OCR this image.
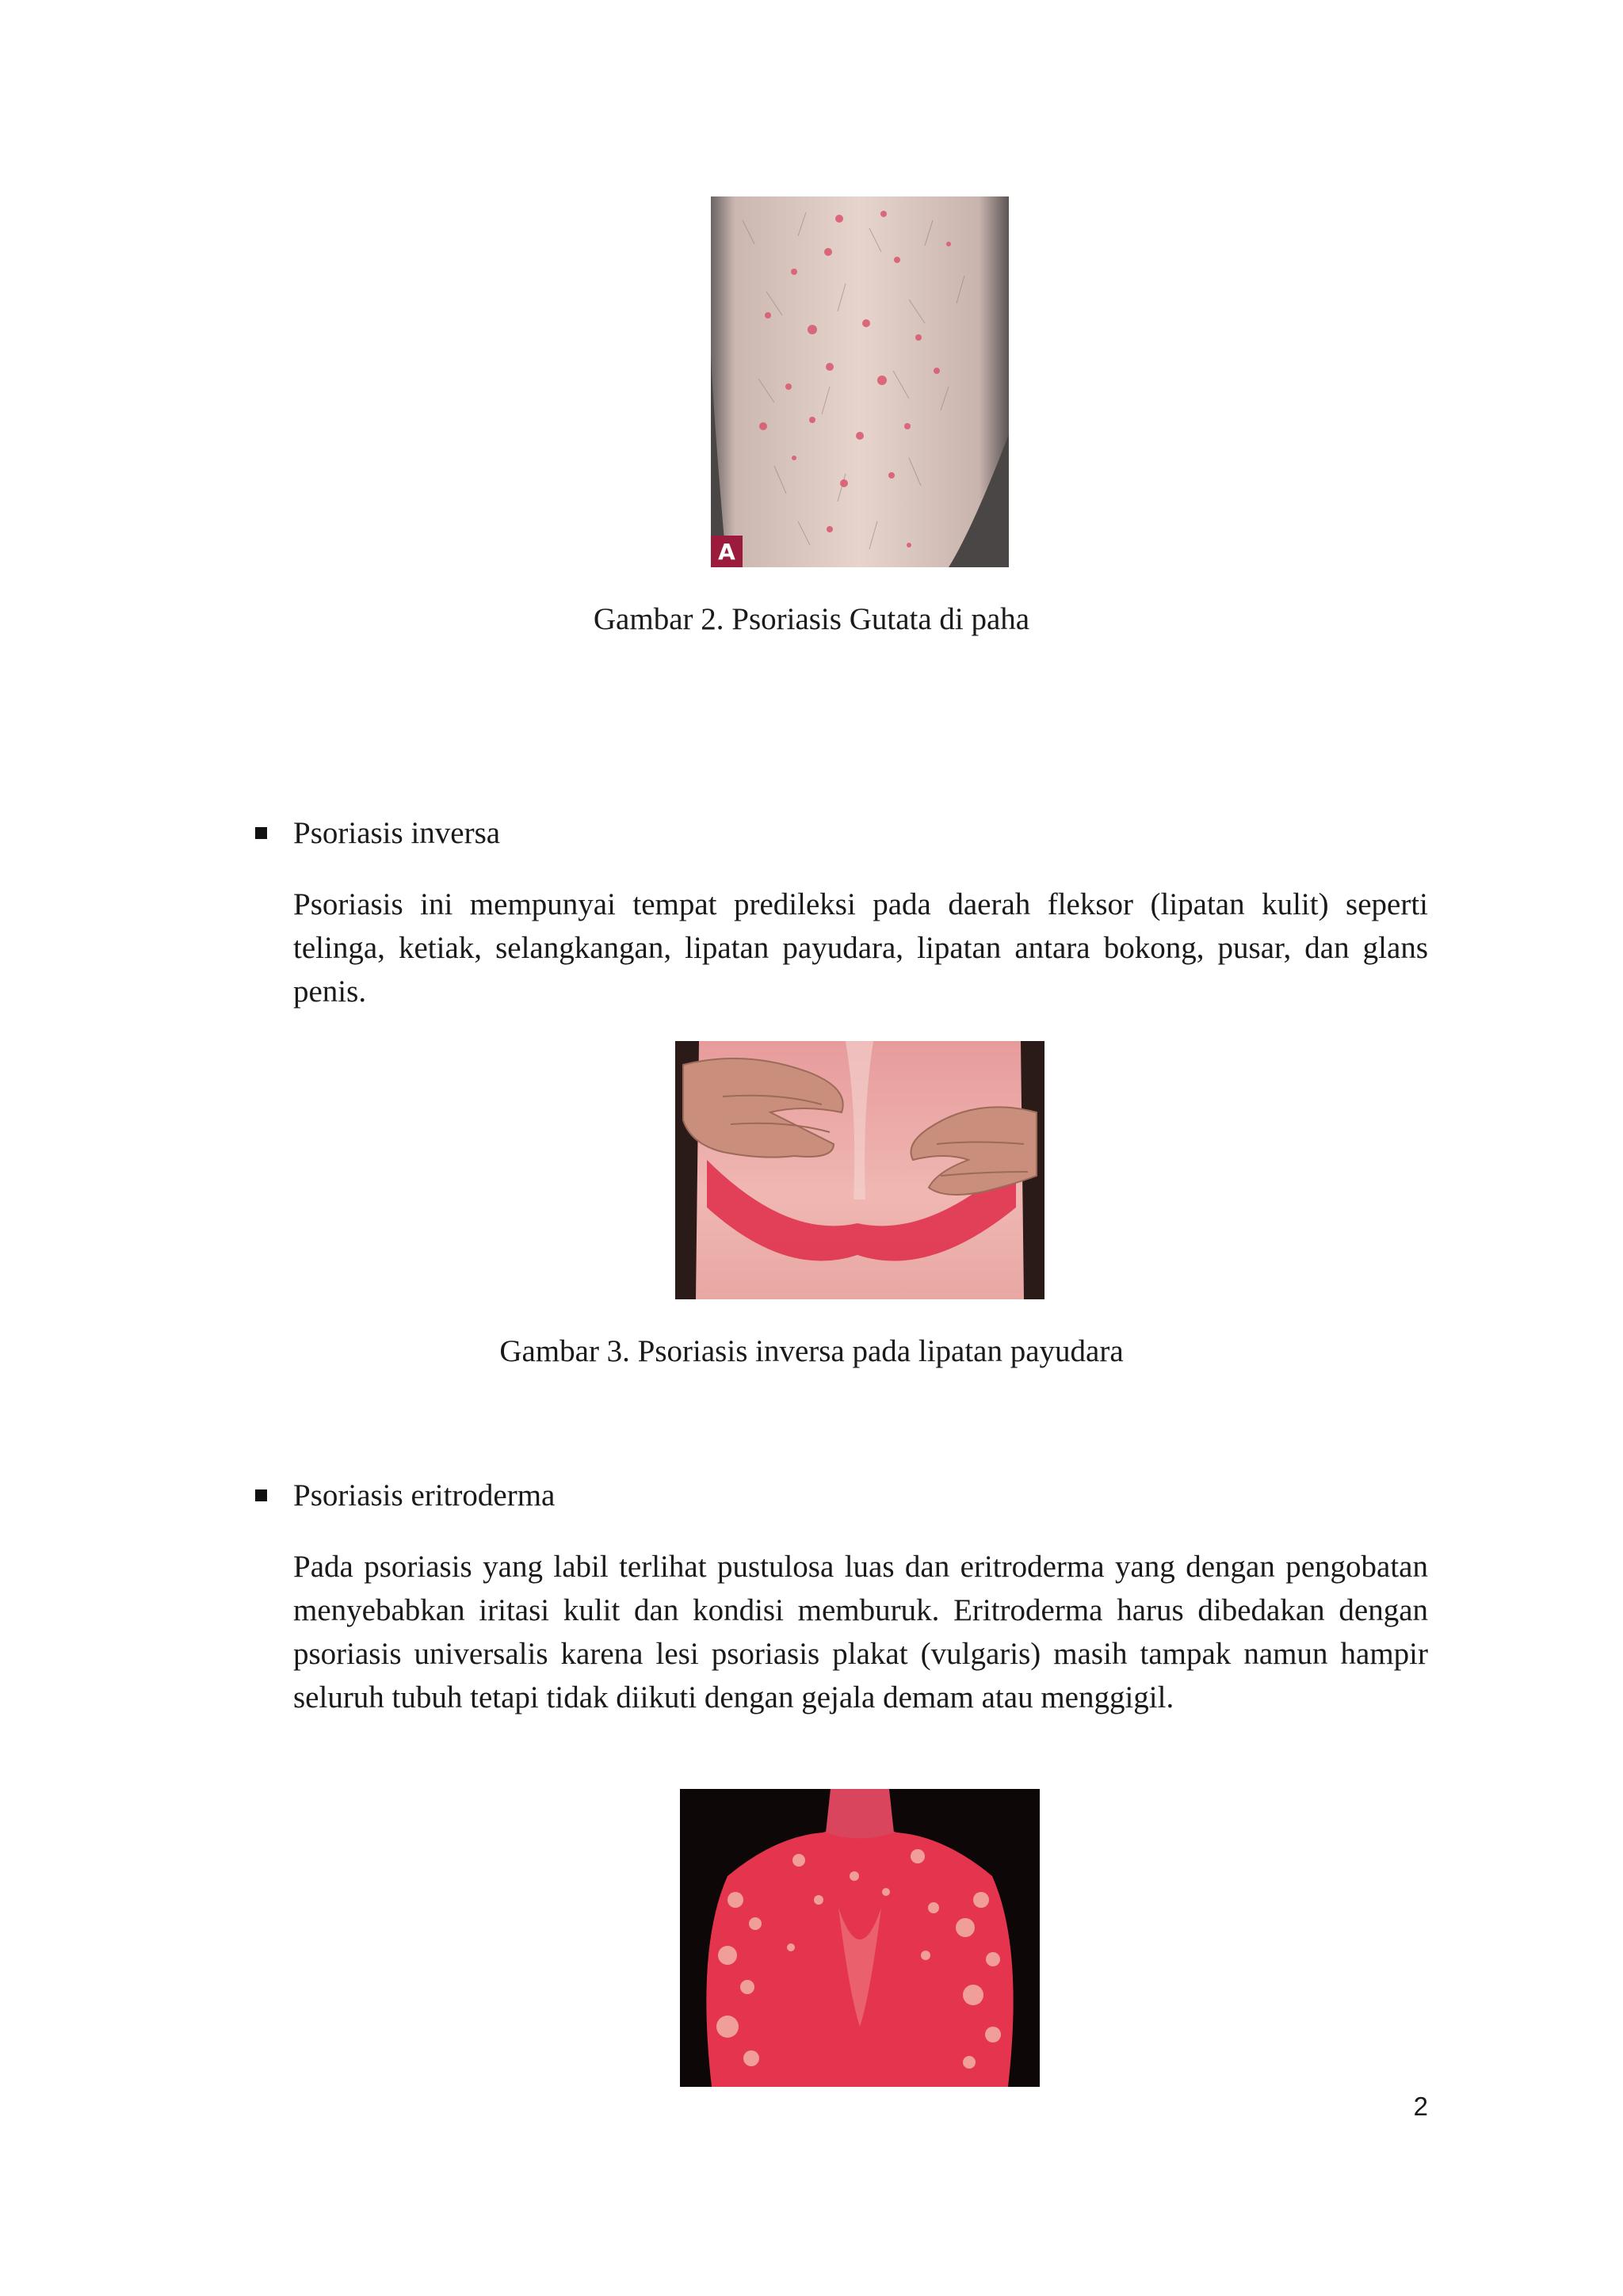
A
Gambar 2. Psoriasis Gutata di paha
Psoriasis inversa
Psoriasis ini mempunyai tempat predileksi pada daerah fleksor (lipatan kulit) seperti telinga, ketiak, selangkangan, lipatan payudara, lipatan antara bokong, pusar, dan glans penis.
Gambar 3. Psoriasis inversa pada lipatan payudara
Psoriasis eritroderma
Pada psoriasis yang labil terlihat pustulosa luas dan eritroderma yang dengan pengobatan menyebabkan iritasi kulit dan kondisi memburuk. Eritroderma harus dibedakan dengan psoriasis universalis karena lesi psoriasis plakat (vulgaris) masih tampak namun hampir seluruh tubuh tetapi tidak diikuti dengan gejala demam atau menggigil.
2
